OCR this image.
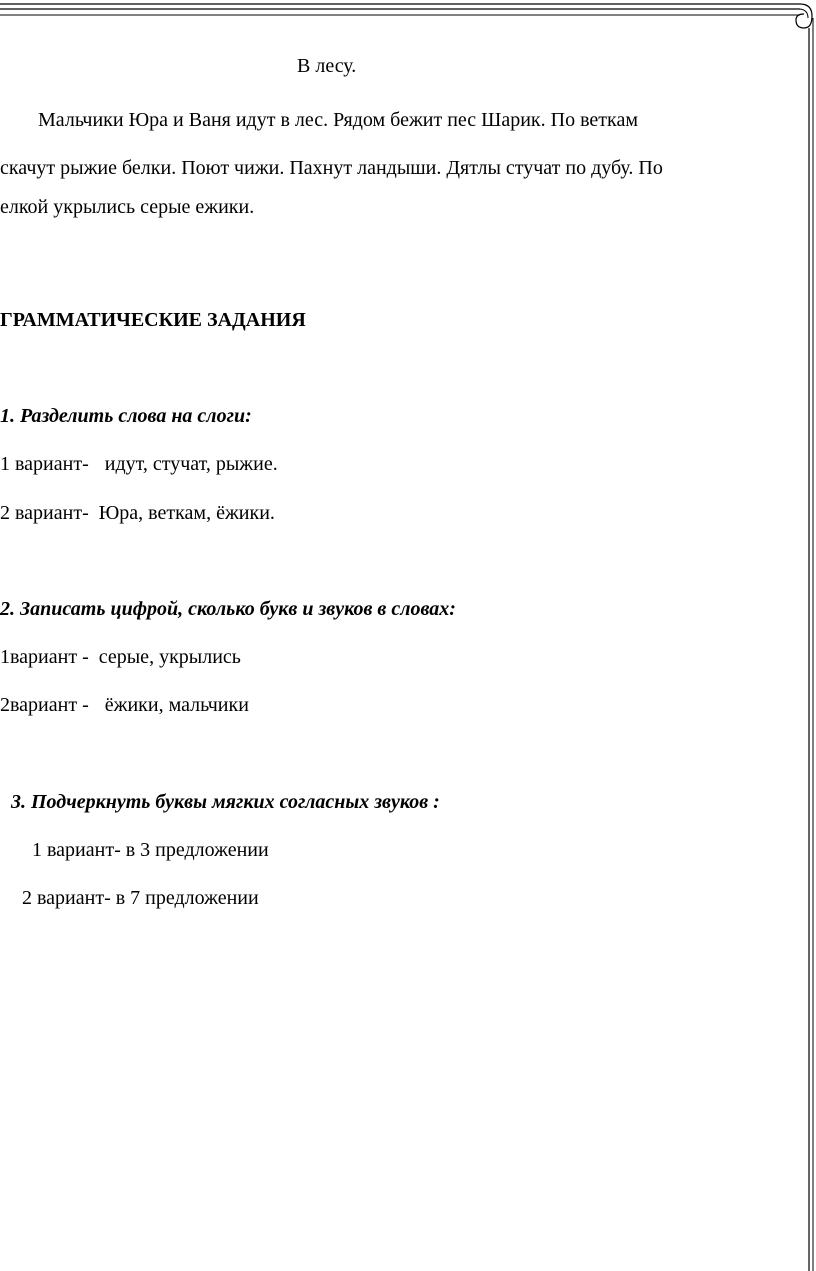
В лесу.
Мальчики Юра и Ваня идут в лес. Рядом бежит пес Шарик. По веткам
скачут рыжие белки. Поют чижи. Пахнут ландыши. Дятлы стучат по дубу. По
елкой укрылись серые ежики.
ГРАММАТИЧЕСКИЕ ЗАДАНИЯ
1. Разделить слова на слоги:
1 вариант- идут, стучат, рыжие.
2 вариант- Юра, веткам, ёжики.
2. Записать цифрой, сколько букв и звуков в словах:
1вариант - серые, укрылись
2вариант - ёжики, мальчики
3. Подчеркнуть буквы мягких согласных звуков :
1 вариант- в 3 предложении
2 вариант- в 7 предложении
